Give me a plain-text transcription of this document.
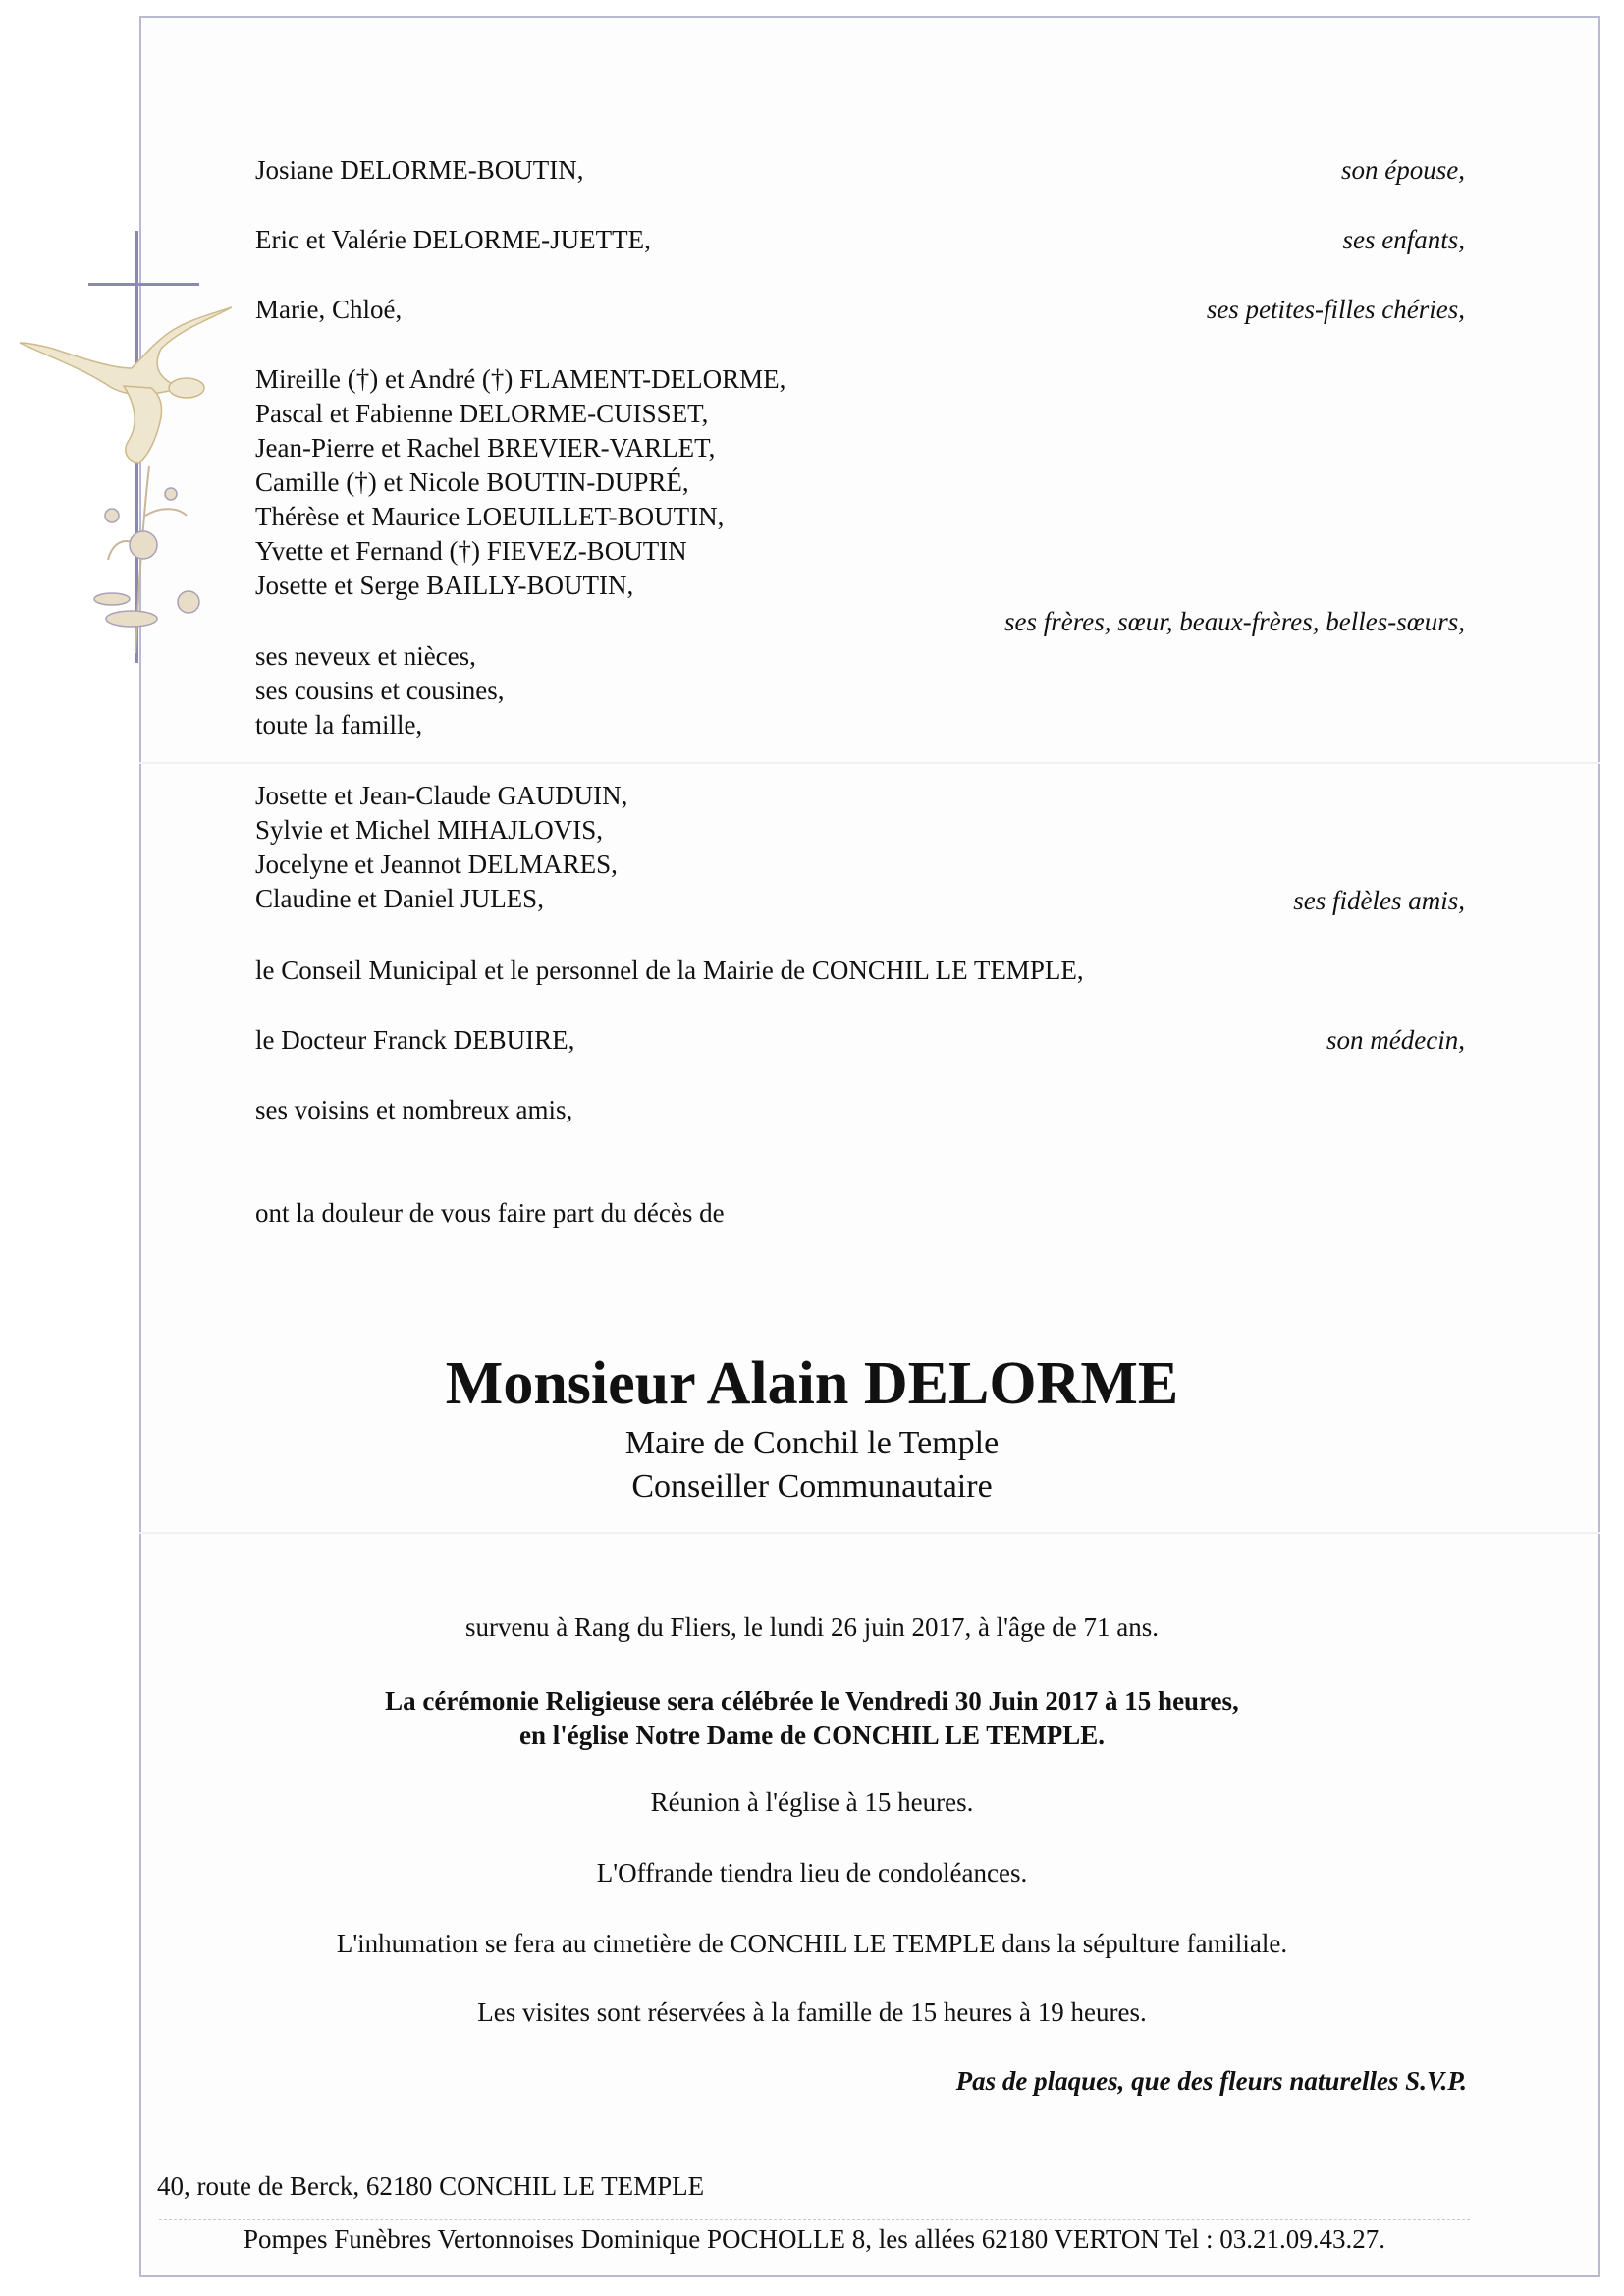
Josiane DELORME-BOUTIN,	son épouse,
Eric et Valérie DELORME-JUETTE,	ses enfants,
Marie, Chloé,	ses petites-filles chéries,
Mireille (†) et André (†) FLAMENT-DELORME,
Pascal et Fabienne DELORME-CUISSET,
Jean-Pierre et Rachel BREVIER-VARLET,
Camille (†) et Nicole BOUTIN-DUPRÉ,
Thérèse et Maurice LOEUILLET-BOUTIN,
Yvette et Fernand (†) FIEVEZ-BOUTIN
Josette et Serge BAILLY-BOUTIN,
ses frères, sœur, beaux-frères, belles-sœurs,
ses neveux et nièces,
ses cousins et cousines,
toute la famille,
Josette et Jean-Claude GAUDUIN,
Sylvie et Michel MIHAJLOVIS,
Jocelyne et Jeannot DELMARES,
Claudine et Daniel JULES,	ses fidèles amis,
le Conseil Municipal et le personnel de la Mairie de CONCHIL LE TEMPLE,
le Docteur Franck DEBUIRE,	son médecin,
ses voisins et nombreux amis,
ont la douleur de vous faire part du décès de
Monsieur Alain DELORME
Maire de Conchil le Temple
Conseiller Communautaire
survenu à Rang du Fliers, le lundi 26 juin 2017, à l'âge de 71 ans.
La cérémonie Religieuse sera célébrée le Vendredi 30 Juin 2017 à 15 heures,
en l'église Notre Dame de CONCHIL LE TEMPLE.
Réunion à l'église à 15 heures.
L'Offrande tiendra lieu de condoléances.
L'inhumation se fera au cimetière de CONCHIL LE TEMPLE dans la sépulture familiale.
Les visites sont réservées à la famille de 15 heures à 19 heures.
Pas de plaques, que des fleurs naturelles S.V.P.
40, route de Berck, 62180 CONCHIL LE TEMPLE
Pompes Funèbres Vertonnoises Dominique POCHOLLE 8, les allées 62180 VERTON Tel : 03.21.09.43.27.
